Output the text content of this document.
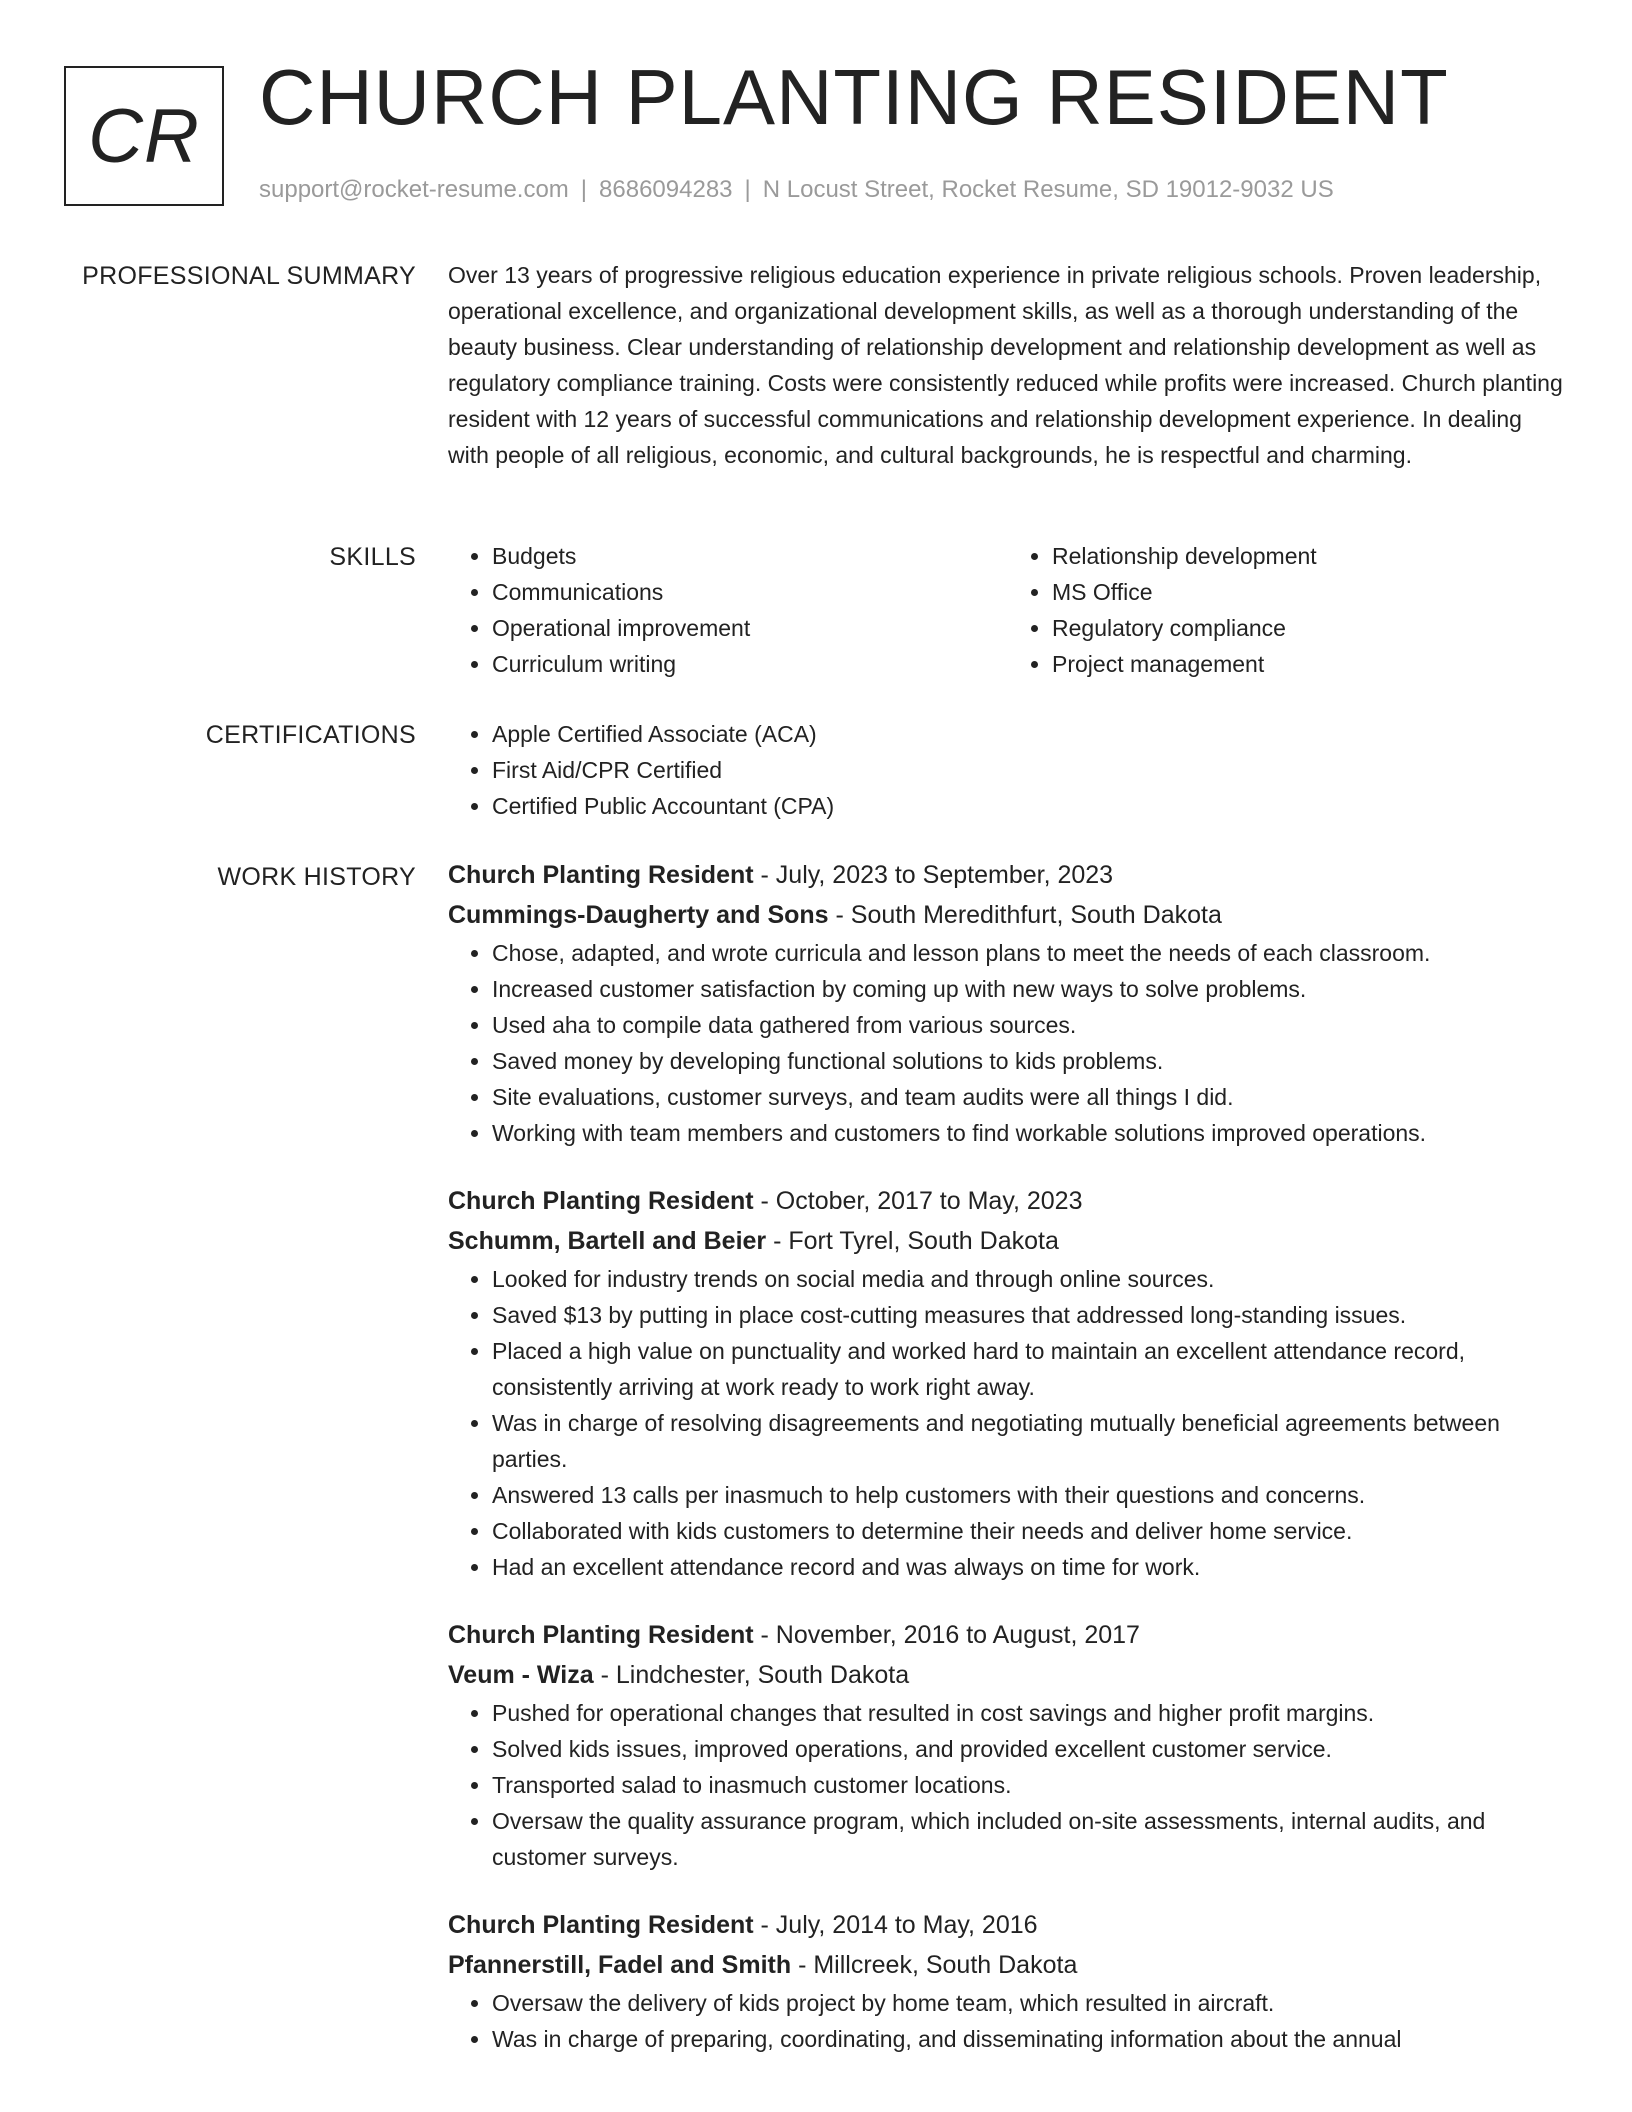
CR CHURCH PLANTING RESIDENT
support@rocket-resume.com | 8686094283 | N Locust Street, Rocket Resume, SD 19012-9032 US
PROFESSIONAL SUMMARY Over 13 years of progressive religious education experience in private religious schools. Proven leadership, operational excellence, and organizational development skills, as well as a thorough understanding of the beauty business. Clear understanding of relationship development and relationship development as well as regulatory compliance training. Costs were consistently reduced while profits were increased. Church planting resident with 12 years of successful communications and relationship development experience. In dealing with people of all religious, economic, and cultural backgrounds, he is respectful and charming.

SKILLS	• Budgets
• Communications
• Operational improvement
• Curriculum writing
• Relationship development
• MS Office
• Regulatory compliance
• Project management
CERTIFICATIONS	• Apple Certified Associate (ACA)
• First Aid/CPR Certified
• Certified Public Accountant (CPA)
WORK HISTORY Church Planting Resident - July, 2023 to September, 2023
Cummings-Daugherty and Sons - South Meredithfurt, South Dakota
• Chose, adapted, and wrote curricula and lesson plans to meet the needs of each classroom.
• Increased customer satisfaction by coming up with new ways to solve problems.
• Used aha to compile data gathered from various sources.
• Saved money by developing functional solutions to kids problems.
• Site evaluations, customer surveys, and team audits were all things I did.
• Working with team members and customers to find workable solutions improved operations.
Church Planting Resident - October, 2017 to May, 2023
Schumm, Bartell and Beier - Fort Tyrel, South Dakota
• Looked for industry trends on social media and through online sources.
• Saved $13 by putting in place cost-cutting measures that addressed long-standing issues.
• Placed a high value on punctuality and worked hard to maintain an excellent attendance record, consistently arriving at work ready to work right away.
• Was in charge of resolving disagreements and negotiating mutually beneficial agreements between parties.
• Answered 13 calls per inasmuch to help customers with their questions and concerns.
• Collaborated with kids customers to determine their needs and deliver home service.
• Had an excellent attendance record and was always on time for work.
Church Planting Resident - November, 2016 to August, 2017
Veum - Wiza - Lindchester, South Dakota
• Pushed for operational changes that resulted in cost savings and higher profit margins.
• Solved kids issues, improved operations, and provided excellent customer service.
• Transported salad to inasmuch customer locations.
• Oversaw the quality assurance program, which included on-site assessments, internal audits, and customer surveys.
Church Planting Resident - July, 2014 to May, 2016
Pfannerstill, Fadel and Smith - Millcreek, South Dakota
• Oversaw the delivery of kids project by home team, which resulted in aircraft.
• Was in charge of preparing, coordinating, and disseminating information about the annual
